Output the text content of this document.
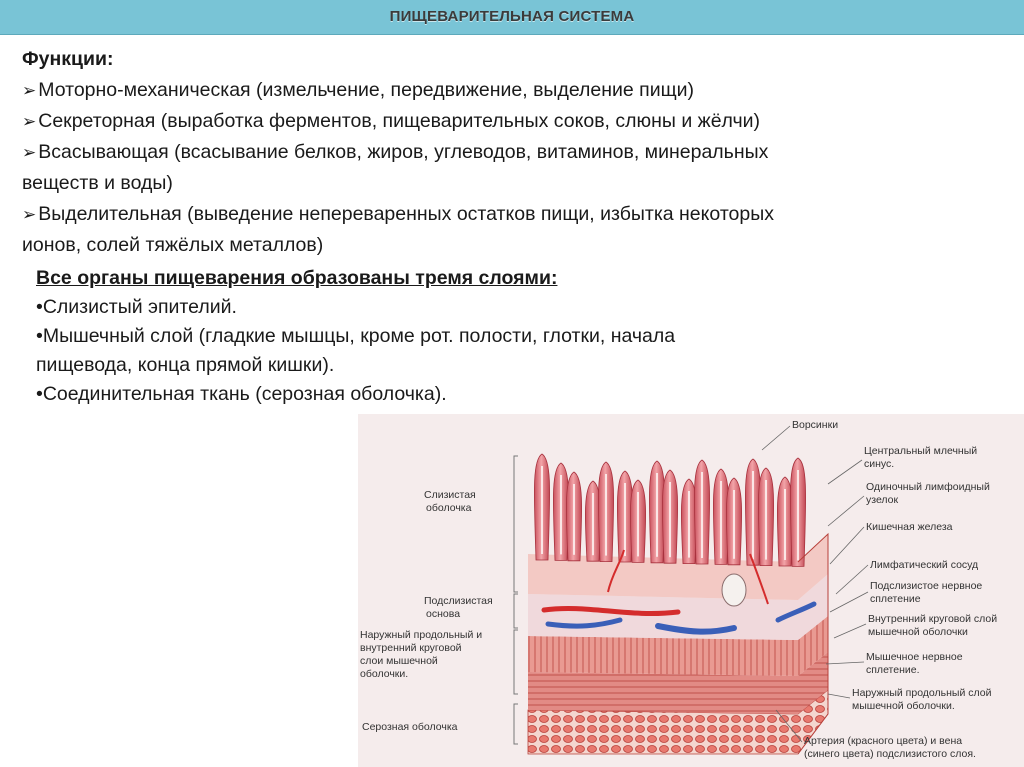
ПИЩЕВАРИТЕЛЬНАЯ СИСТЕМА
Функции:
➢ Моторно-механическая (измельчение, передвижение, выделение пищи)
➢ Секреторная (выработка ферментов, пищеварительных соков, слюны и жёлчи)
➢ Всасывающая (всасывание белков, жиров, углеводов, витаминов, минеральных
веществ и воды)
➢ Выделительная (выведение непереваренных остатков пищи, избытка некоторых
ионов, солей тяжёлых металлов)
Все органы пищеварения образованы тремя слоями:
•Слизистый эпителий.
•Мышечный слой (гладкие мышцы, кроме рот. полости, глотки, начала
пищевода, конца прямой кишки).
•Соединительная ткань (серозная оболочка).
Слизистая оболочка
Подслизистая основа
Наружный продольный и внутренний круговой слои мышечной оболочки.
Серозная оболочка
Ворсинки
Центральный млечный синус.
Одиночный лимфоидный узелок
Кишечная железа
Лимфатический сосуд
Подслизистое нервное сплетение
Внутренний круговой слой мышечной оболочки
Мышечное нервное сплетение.
Наружный продольный слой мышечной оболочки.
Артерия (красного цвета) и вена (синего цвета) подслизистого слоя.
